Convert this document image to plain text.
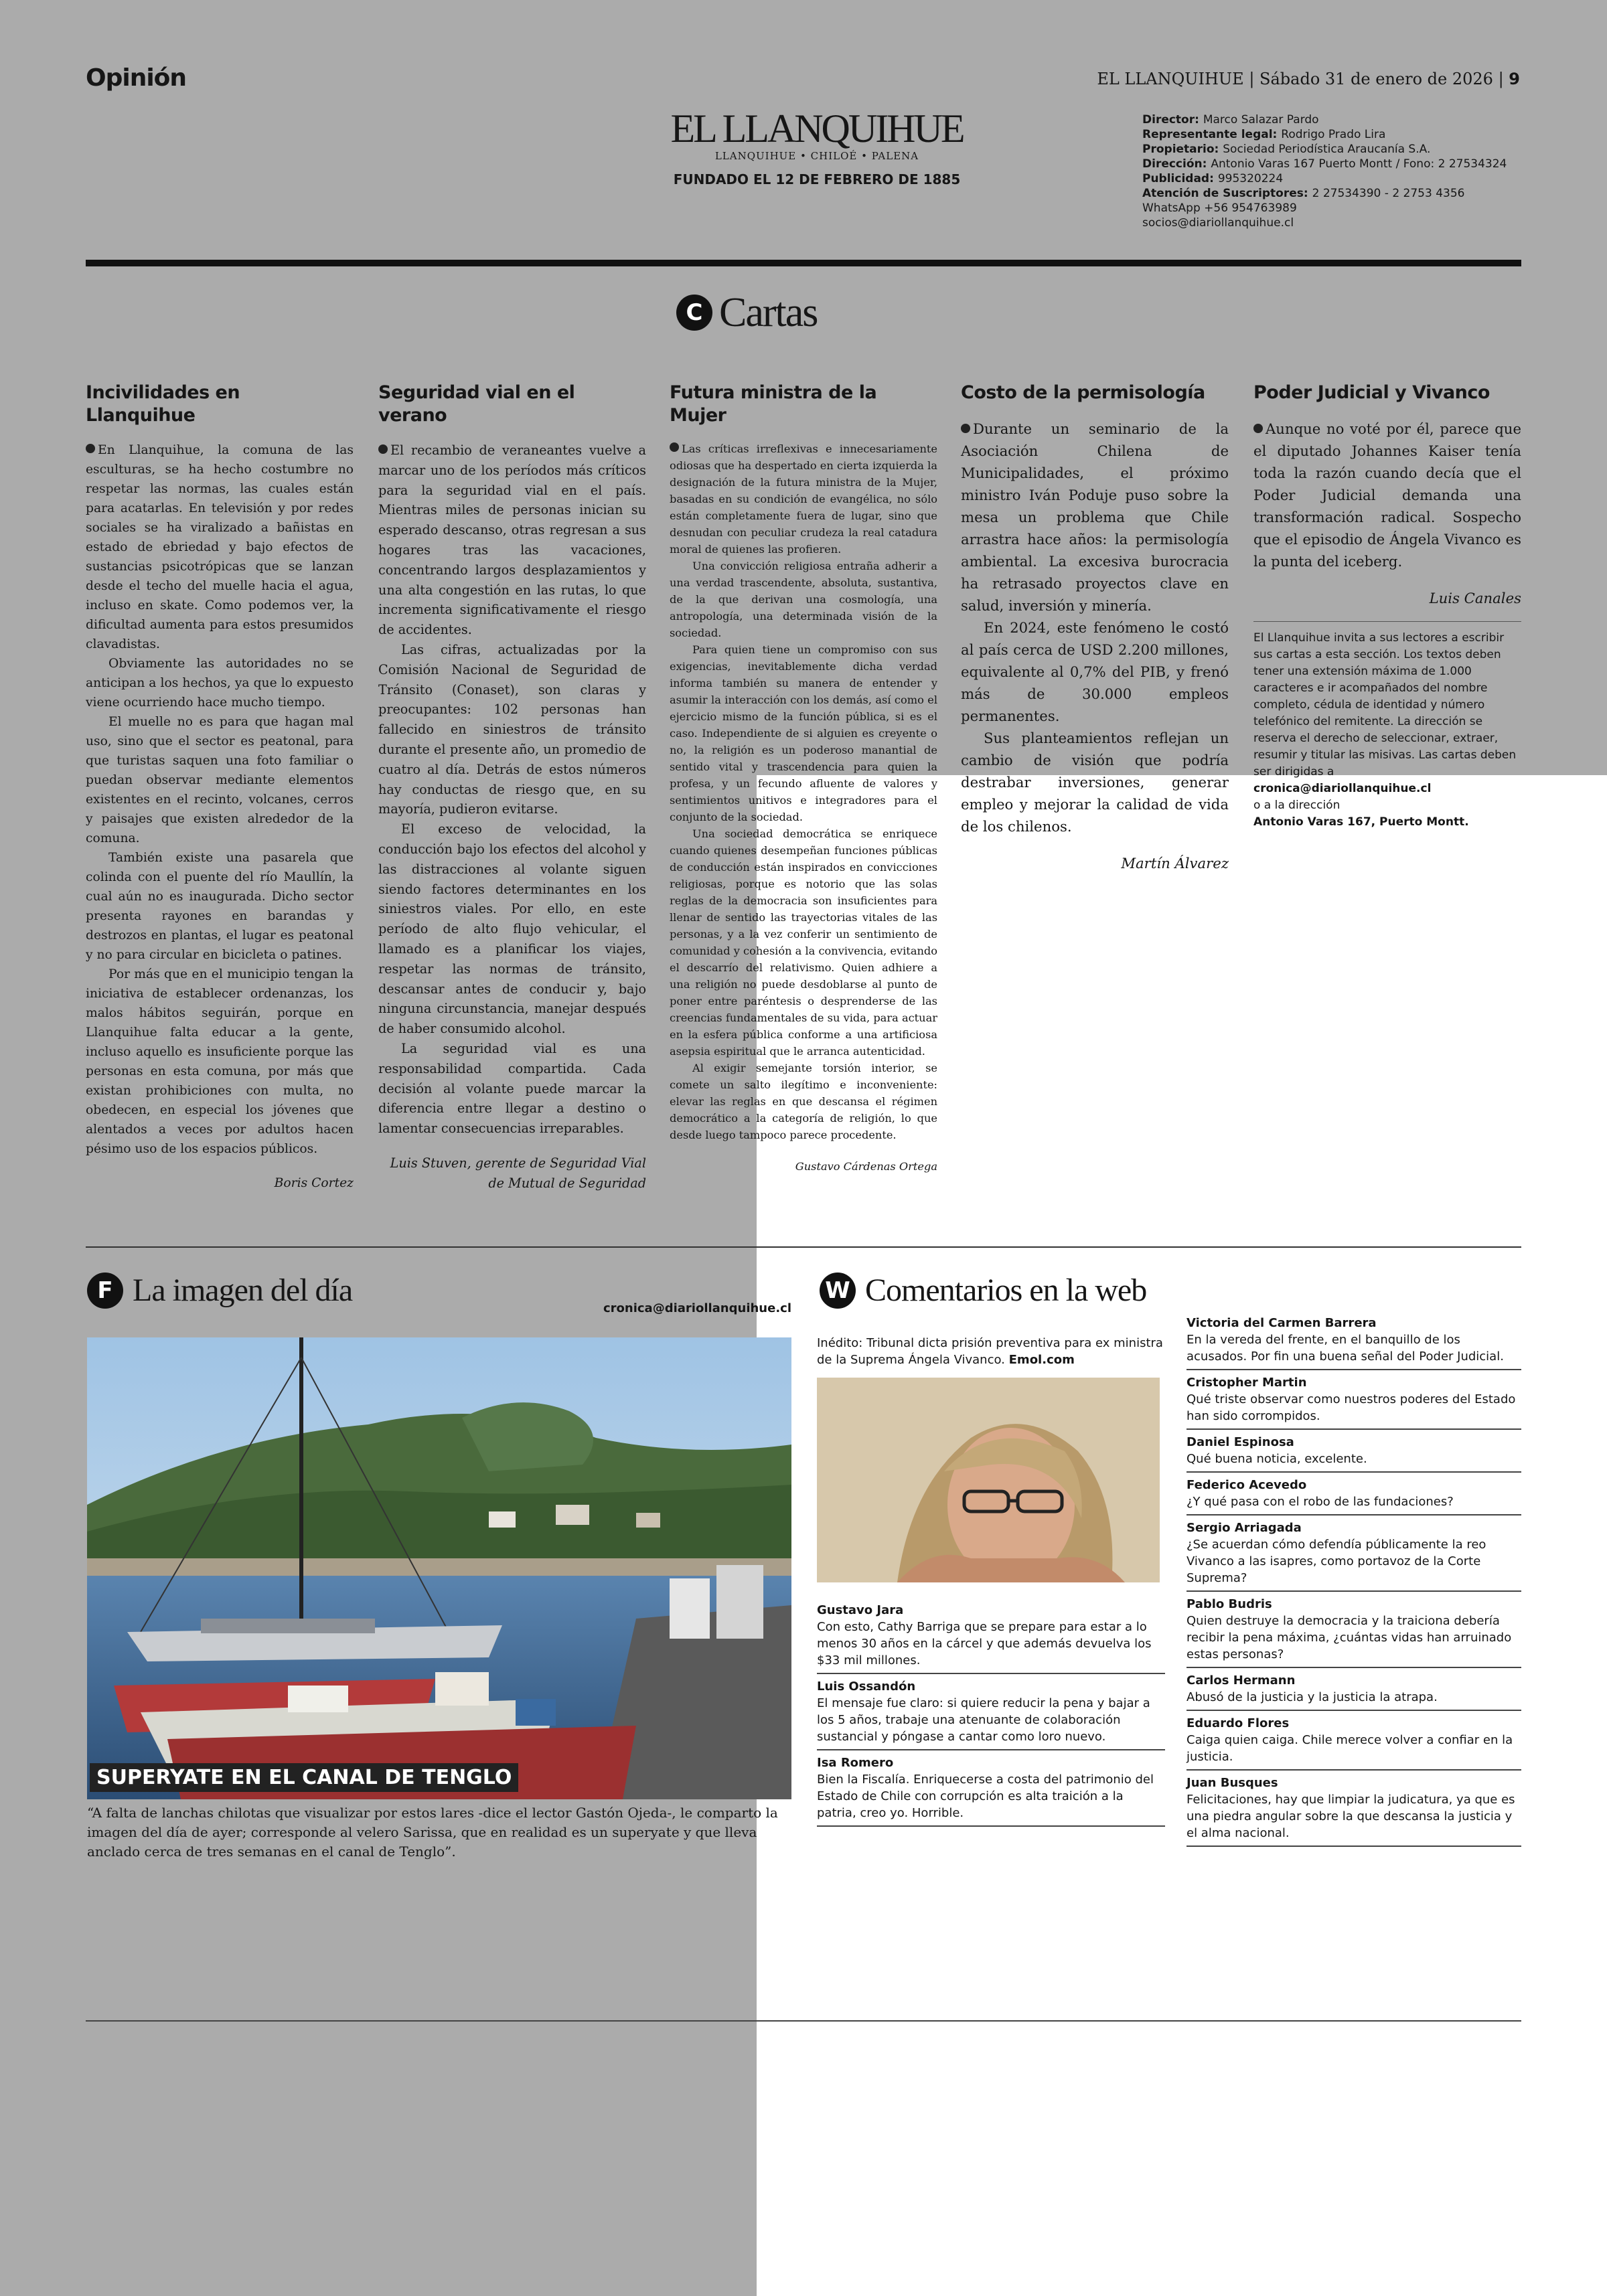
Opinión	EL LLANQUIHUE | Sábado 31 de enero de 2026 | 9
EL LLANQUIHUE
LLANQUIHUE • CHILOÉ • PALENA
FUNDADO EL 12 DE FEBRERO DE 1885
Director: Marco Salazar Pardo
Representante legal: Rodrigo Prado Lira
Propietario: Sociedad Periodística Araucanía S.A.
Dirección: Antonio Varas 167 Puerto Montt / Fono: 2 27534324
Publicidad: 995320224
Atención de Suscriptores: 2 27534390 - 2 2753 4356
WhatsApp +56 954763989
socios@diariollanquihue.cl
C Cartas
Incivilidades en Llanquihue

En Llanquihue, la comuna de las esculturas, se ha hecho costumbre no respetar las normas, las cuales están para acatarlas. En televisión y por redes sociales se ha viralizado a bañistas en estado de ebriedad y bajo efectos de sustancias psicotrópicas que se lanzan desde el techo del muelle hacia el agua, incluso en skate. Como podemos ver, la dificultad aumenta para estos presumidos clavadistas.

Obviamente las autoridades no se anticipan a los hechos, ya que lo expuesto viene ocurriendo hace mucho tiempo.

El muelle no es para que hagan mal uso, sino que el sector es peatonal, para que turistas saquen una foto familiar o puedan observar mediante elementos existentes en el recinto, volcanes, cerros y paisajes que existen alrededor de la comuna.

También existe una pasarela que colinda con el puente del río Maullín, la cual aún no es inaugurada. Dicho sector presenta rayones en barandas y destrozos en plantas, el lugar es peatonal y no para circular en bicicleta o patines.

Por más que en el municipio tengan la iniciativa de establecer ordenanzas, los malos hábitos seguirán, porque en Llanquihue falta educar a la gente, incluso aquello es insuficiente porque las personas en esta comuna, por más que existan prohibiciones con multa, no obedecen, en especial los jóvenes que alentados a veces por adultos hacen pésimo uso de los espacios públicos.

Boris Cortez

Seguridad vial en el verano

El recambio de veraneantes vuelve a marcar uno de los períodos más críticos para la seguridad vial en el país. Mientras miles de personas inician su esperado descanso, otras regresan a sus hogares tras las vacaciones, concentrando largos desplazamientos y una alta congestión en las rutas, lo que incrementa significativamente el riesgo de accidentes.

Las cifras, actualizadas por la Comisión Nacional de Seguridad de Tránsito (Conaset), son claras y preocupantes: 102 personas han fallecido en siniestros de tránsito durante el presente año, un promedio de cuatro al día. Detrás de estos números hay conductas de riesgo que, en su mayoría, pudieron evitarse.

El exceso de velocidad, la conducción bajo los efectos del alcohol y las distracciones al volante siguen siendo factores determinantes en los siniestros viales. Por ello, en este período de alto flujo vehicular, el llamado es a planificar los viajes, respetar las normas de tránsito, descansar antes de conducir y, bajo ninguna circunstancia, manejar después de haber consumido alcohol.

La seguridad vial es una responsabilidad compartida. Cada decisión al volante puede marcar la diferencia entre llegar a destino o lamentar consecuencias irreparables.

Luis Stuven, gerente de Seguridad Vial de Mutual de Seguridad

Futura ministra de la Mujer

Las críticas irreflexivas e innecesariamente odiosas que ha despertado en cierta izquierda la designación de la futura ministra de la Mujer, basadas en su condición de evangélica, no sólo están completamente fuera de lugar, sino que desnudan con peculiar crudeza la real catadura moral de quienes las profieren.

Una convicción religiosa entraña adherir a una verdad trascendente, absoluta, sustantiva, de la que derivan una cosmología, una antropología, una determinada visión de la sociedad.

Para quien tiene un compromiso con sus exigencias, inevitablemente dicha verdad informa también su manera de entender y asumir la interacción con los demás, así como el ejercicio mismo de la función pública, si es el caso. Independiente de si alguien es creyente o no, la religión es un poderoso manantial de sentido vital y trascendencia para quien la profesa, y un fecundo afluente de valores y sentimientos unitivos e integradores para el conjunto de la sociedad.

Una sociedad democrática se enriquece cuando quienes desempeñan funciones públicas de conducción están inspirados en convicciones religiosas, porque es notorio que las solas reglas de la democracia son insuficientes para llenar de sentido las trayectorias vitales de las personas, y a la vez conferir un sentimiento de comunidad y cohesión a la convivencia, evitando el descarrío del relativismo. Quien adhiere a una religión no puede desdoblarse al punto de poner entre paréntesis o desprenderse de las creencias fundamentales de su vida, para actuar en la esfera pública conforme a una artificiosa asepsia espiritual que le arranca autenticidad.

Al exigir semejante torsión interior, se comete un salto ilegítimo e inconveniente: elevar las reglas en que descansa el régimen democrático a la categoría de religión, lo que desde luego tampoco parece procedente.

Gustavo Cárdenas Ortega

Costo de la permisología

Durante un seminario de la Asociación Chilena de Municipalidades, el próximo ministro Iván Poduje puso sobre la mesa un problema que Chile arrastra hace años: la permisología ambiental. La excesiva burocracia ha retrasado proyectos clave en salud, inversión y minería.

En 2024, este fenómeno le costó al país cerca de USD 2.200 millones, equivalente al 0,7% del PIB, y frenó más de 30.000 empleos permanentes.

Sus planteamientos reflejan un cambio de visión que podría destrabar inversiones, generar empleo y mejorar la calidad de vida de los chilenos.

Martín Álvarez

Poder Judicial y Vivanco

Aunque no voté por él, parece que el diputado Johannes Kaiser tenía toda la razón cuando decía que el Poder Judicial demanda una transformación radical. Sospecho que el episodio de Ángela Vivanco es la punta del iceberg.

Luis Canales

El Llanquihue invita a sus lectores a escribir sus cartas a esta sección. Los textos deben tener una extensión máxima de 1.000 caracteres e ir acompañados del nombre completo, cédula de identidad y número telefónico del remitente. La dirección se reserva el derecho de seleccionar, extraer, resumir y titular las misivas. Las cartas deben ser dirigidas a
cronica@diariollanquihue.cl
o a la dirección
Antonio Varas 167, Puerto Montt.
F La imagen del día
cronica@diariollanquihue.cl
SUPERYATE EN EL CANAL DE TENGLO
“A falta de lanchas chilotas que visualizar por estos lares -dice el lector Gastón Ojeda-, le comparto la imagen del día de ayer; corresponde al velero Sarissa, que en realidad es un superyate y que lleva anclado cerca de tres semanas en el canal de Tenglo”.
W Comentarios en la web
Inédito: Tribunal dicta prisión preventiva para ex ministra de la Suprema Ángela Vivanco. Emol.com
Gustavo Jara
Con esto, Cathy Barriga que se prepare para estar a lo menos 30 años en la cárcel y que además devuelva los $33 mil millones.
Luis Ossandón
El mensaje fue claro: si quiere reducir la pena y bajar a los 5 años, trabaje una atenuante de colaboración sustancial y póngase a cantar como loro nuevo.
Isa Romero
Bien la Fiscalía. Enriquecerse a costa del patrimonio del Estado de Chile con corrupción es alta traición a la patria, creo yo. Horrible.
Victoria del Carmen Barrera
En la vereda del frente, en el banquillo de los acusados. Por fin una buena señal del Poder Judicial.
Cristopher Martin
Qué triste observar como nuestros poderes del Estado han sido corrompidos.
Daniel Espinosa
Qué buena noticia, excelente.
Federico Acevedo
¿Y qué pasa con el robo de las fundaciones?
Sergio Arriagada
¿Se acuerdan cómo defendía públicamente la reo Vivanco a las isapres, como portavoz de la Corte Suprema?
Pablo Budris
Quien destruye la democracia y la traiciona debería recibir la pena máxima, ¿cuántas vidas han arruinado estas personas?
Carlos Hermann
Abusó de la justicia y la justicia la atrapa.
Eduardo Flores
Caiga quien caiga. Chile merece volver a confiar en la justicia.
Juan Busques
Felicitaciones, hay que limpiar la judicatura, ya que es una piedra angular sobre la que descansa la justicia y el alma nacional.
